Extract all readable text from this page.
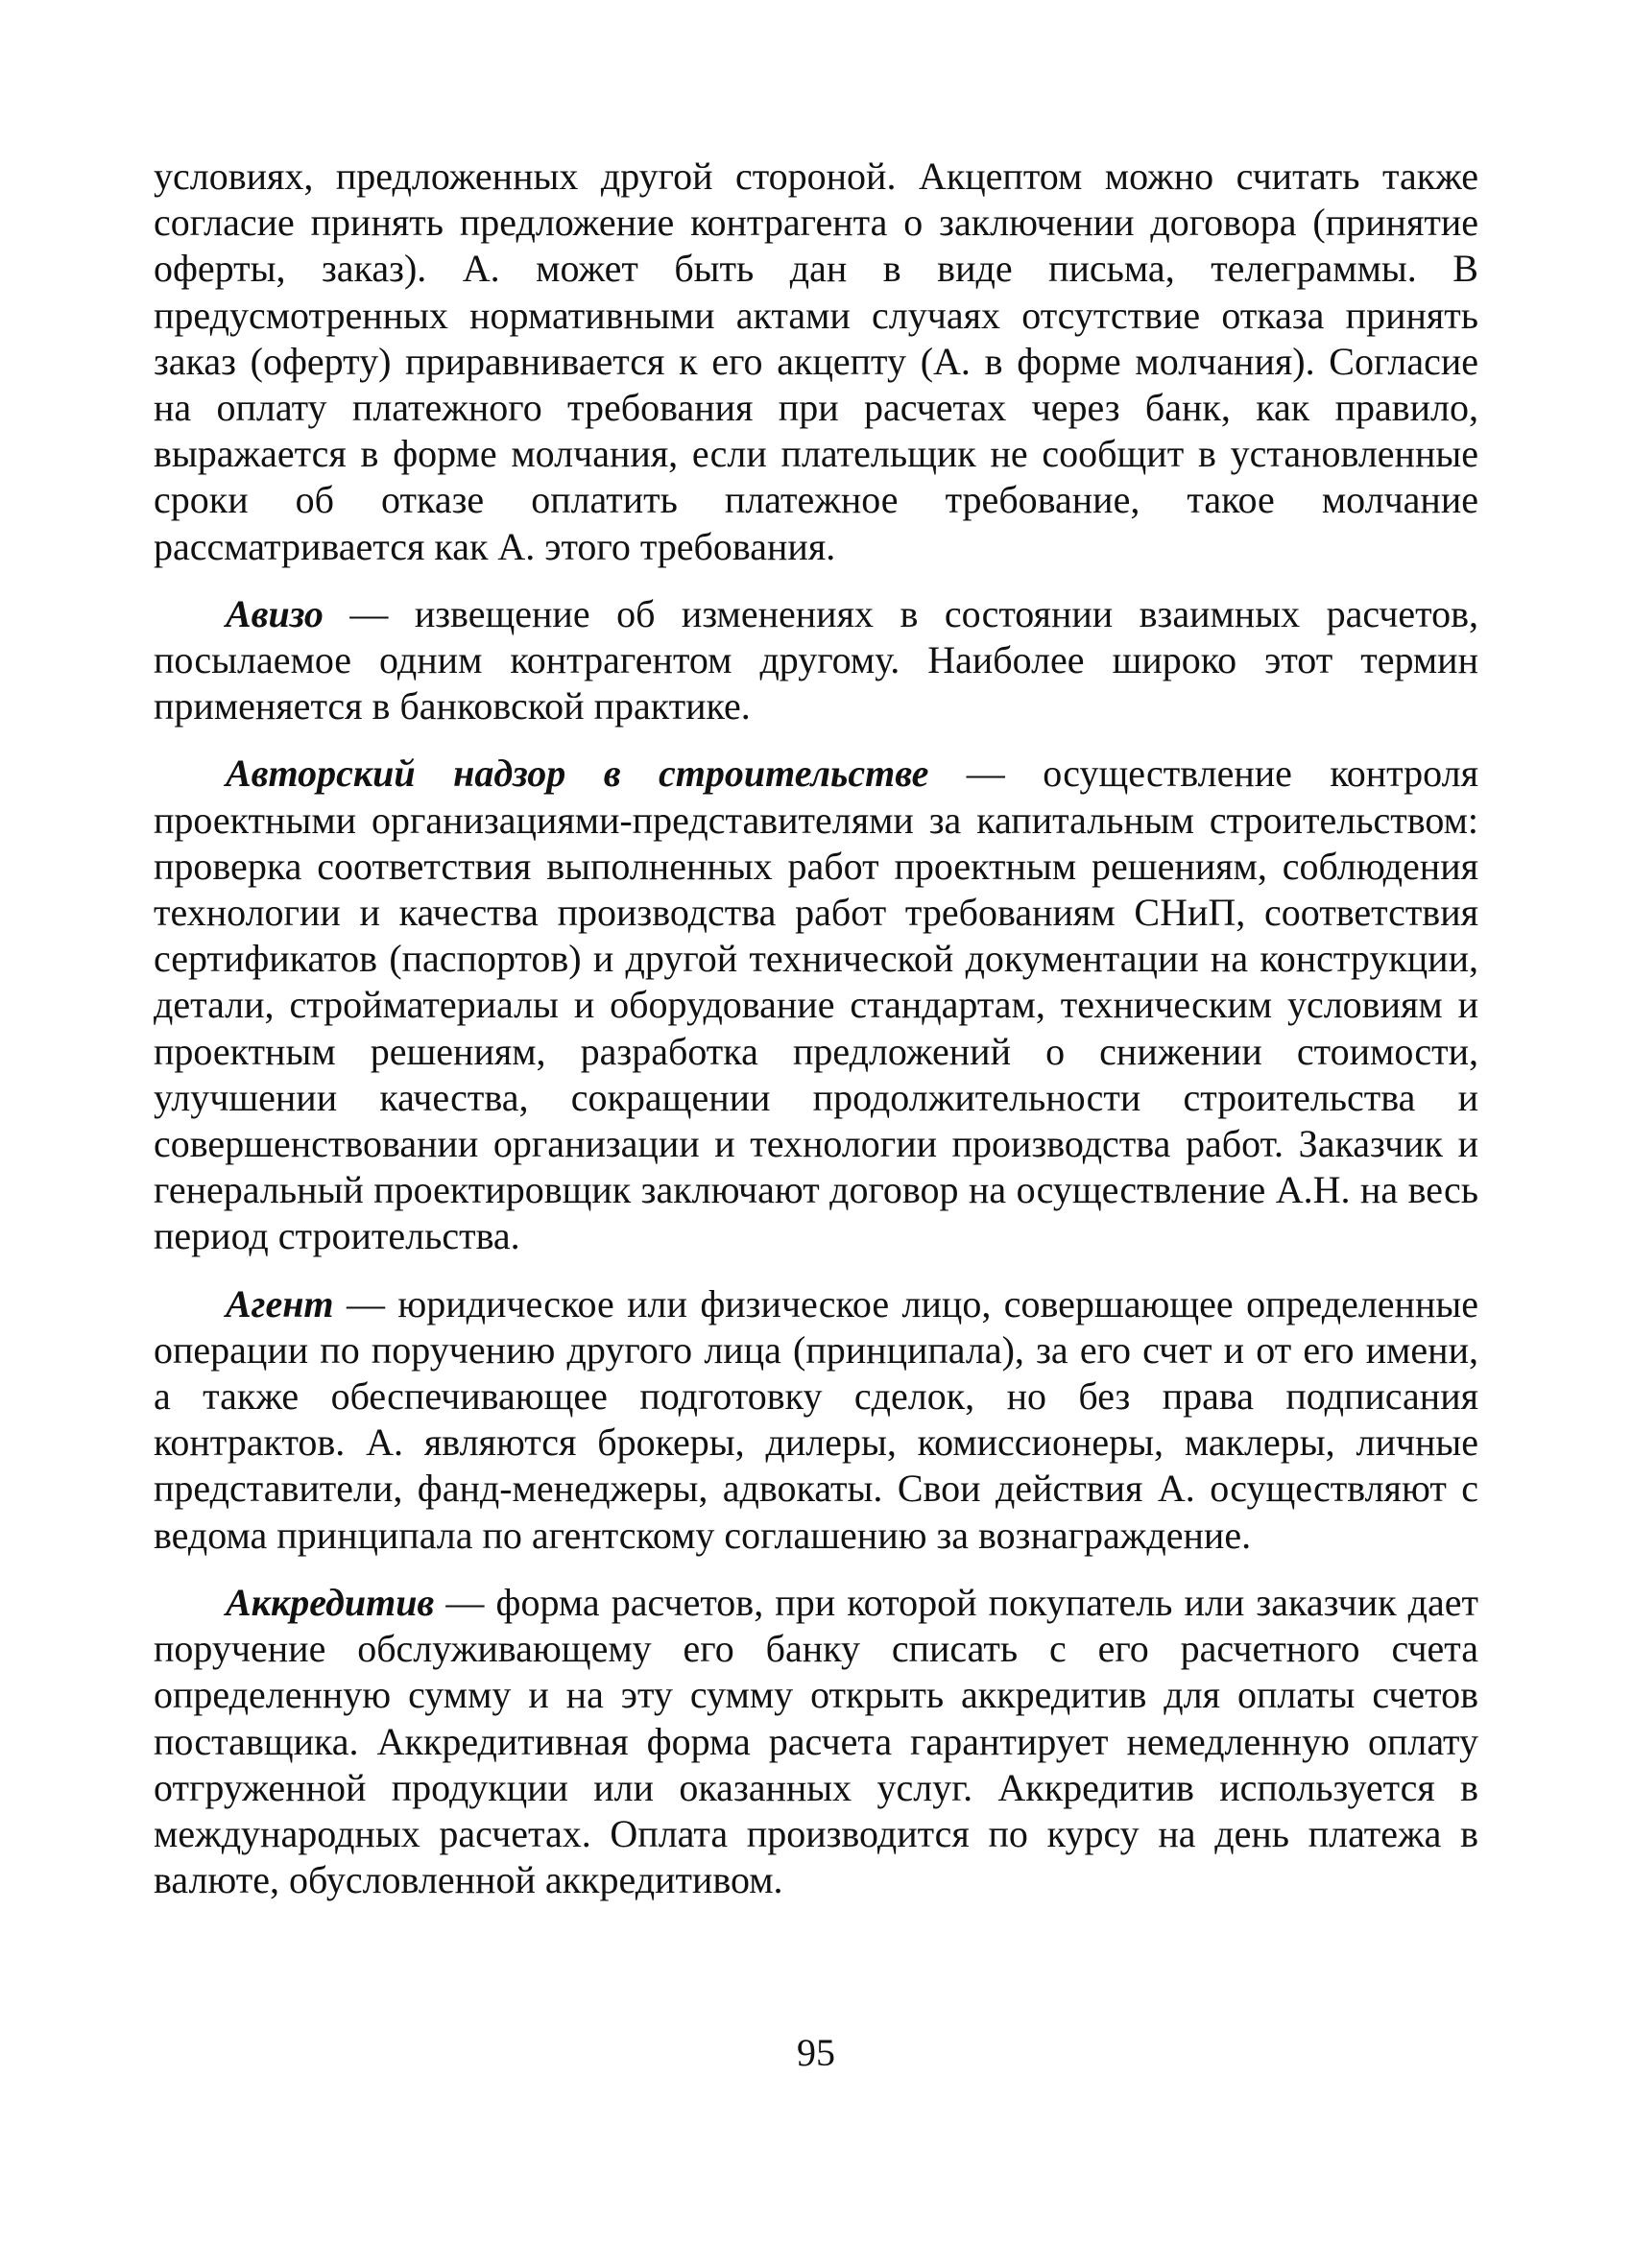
условиях, предложенных другой стороной. Акцептом можно считать также согласие принять предложение контрагента о заключении договора (принятие оферты, заказ). А. может быть дан в виде письма, телеграммы. В предусмотренных нормативными актами случаях отсутствие отказа принять заказ (оферту) приравнивается к его акцепту (А. в форме молчания). Согласие на оплату платежного требования при расчетах через банк, как правило, выражается в форме молчания, если плательщик не сообщит в установленные сроки об отказе оплатить платежное требование, такое молчание рассматривается как А. этого требования.

Авизо — извещение об изменениях в состоянии взаимных расчетов, посылаемое одним контрагентом другому. Наиболее широко этот термин применяется в банковской практике.

Авторский надзор в строительстве — осуществление контроля проектными организациями-представителями за капитальным строительством: проверка соответствия выполненных работ проектным решениям, соблюдения технологии и качества производства работ требованиям СНиП, соответствия сертификатов (паспортов) и другой технической документации на конструкции, детали, стройматериалы и оборудование стандартам, техническим условиям и проектным решениям, разработка предложений о снижении стоимости, улучшении качества, сокращении продолжительности строительства и совершенствовании организации и технологии производства работ. Заказчик и генеральный проектировщик заключают договор на осуществление А.Н. на весь период строительства.

Агент — юридическое или физическое лицо, совершающее определенные операции по поручению другого лица (принципала), за его счет и от его имени, а также обеспечивающее подготовку сделок, но без права подписания контрактов. А. являются брокеры, дилеры, комиссионеры, маклеры, личные представители, фанд-менеджеры, адвокаты. Свои действия А. осуществляют с ведома принципала по агентскому соглашению за вознаграждение.

Аккредитив — форма расчетов, при которой покупатель или заказчик дает поручение обслуживающему его банку списать с его расчетного счета определенную сумму и на эту сумму открыть аккредитив для оплаты счетов поставщика. Аккредитивная форма расчета гарантирует немедленную оплату отгруженной продукции или оказанных услуг. Аккредитив используется в международных расчетах. Оплата производится по курсу на день платежа в валюте, обусловленной аккредитивом.

95
